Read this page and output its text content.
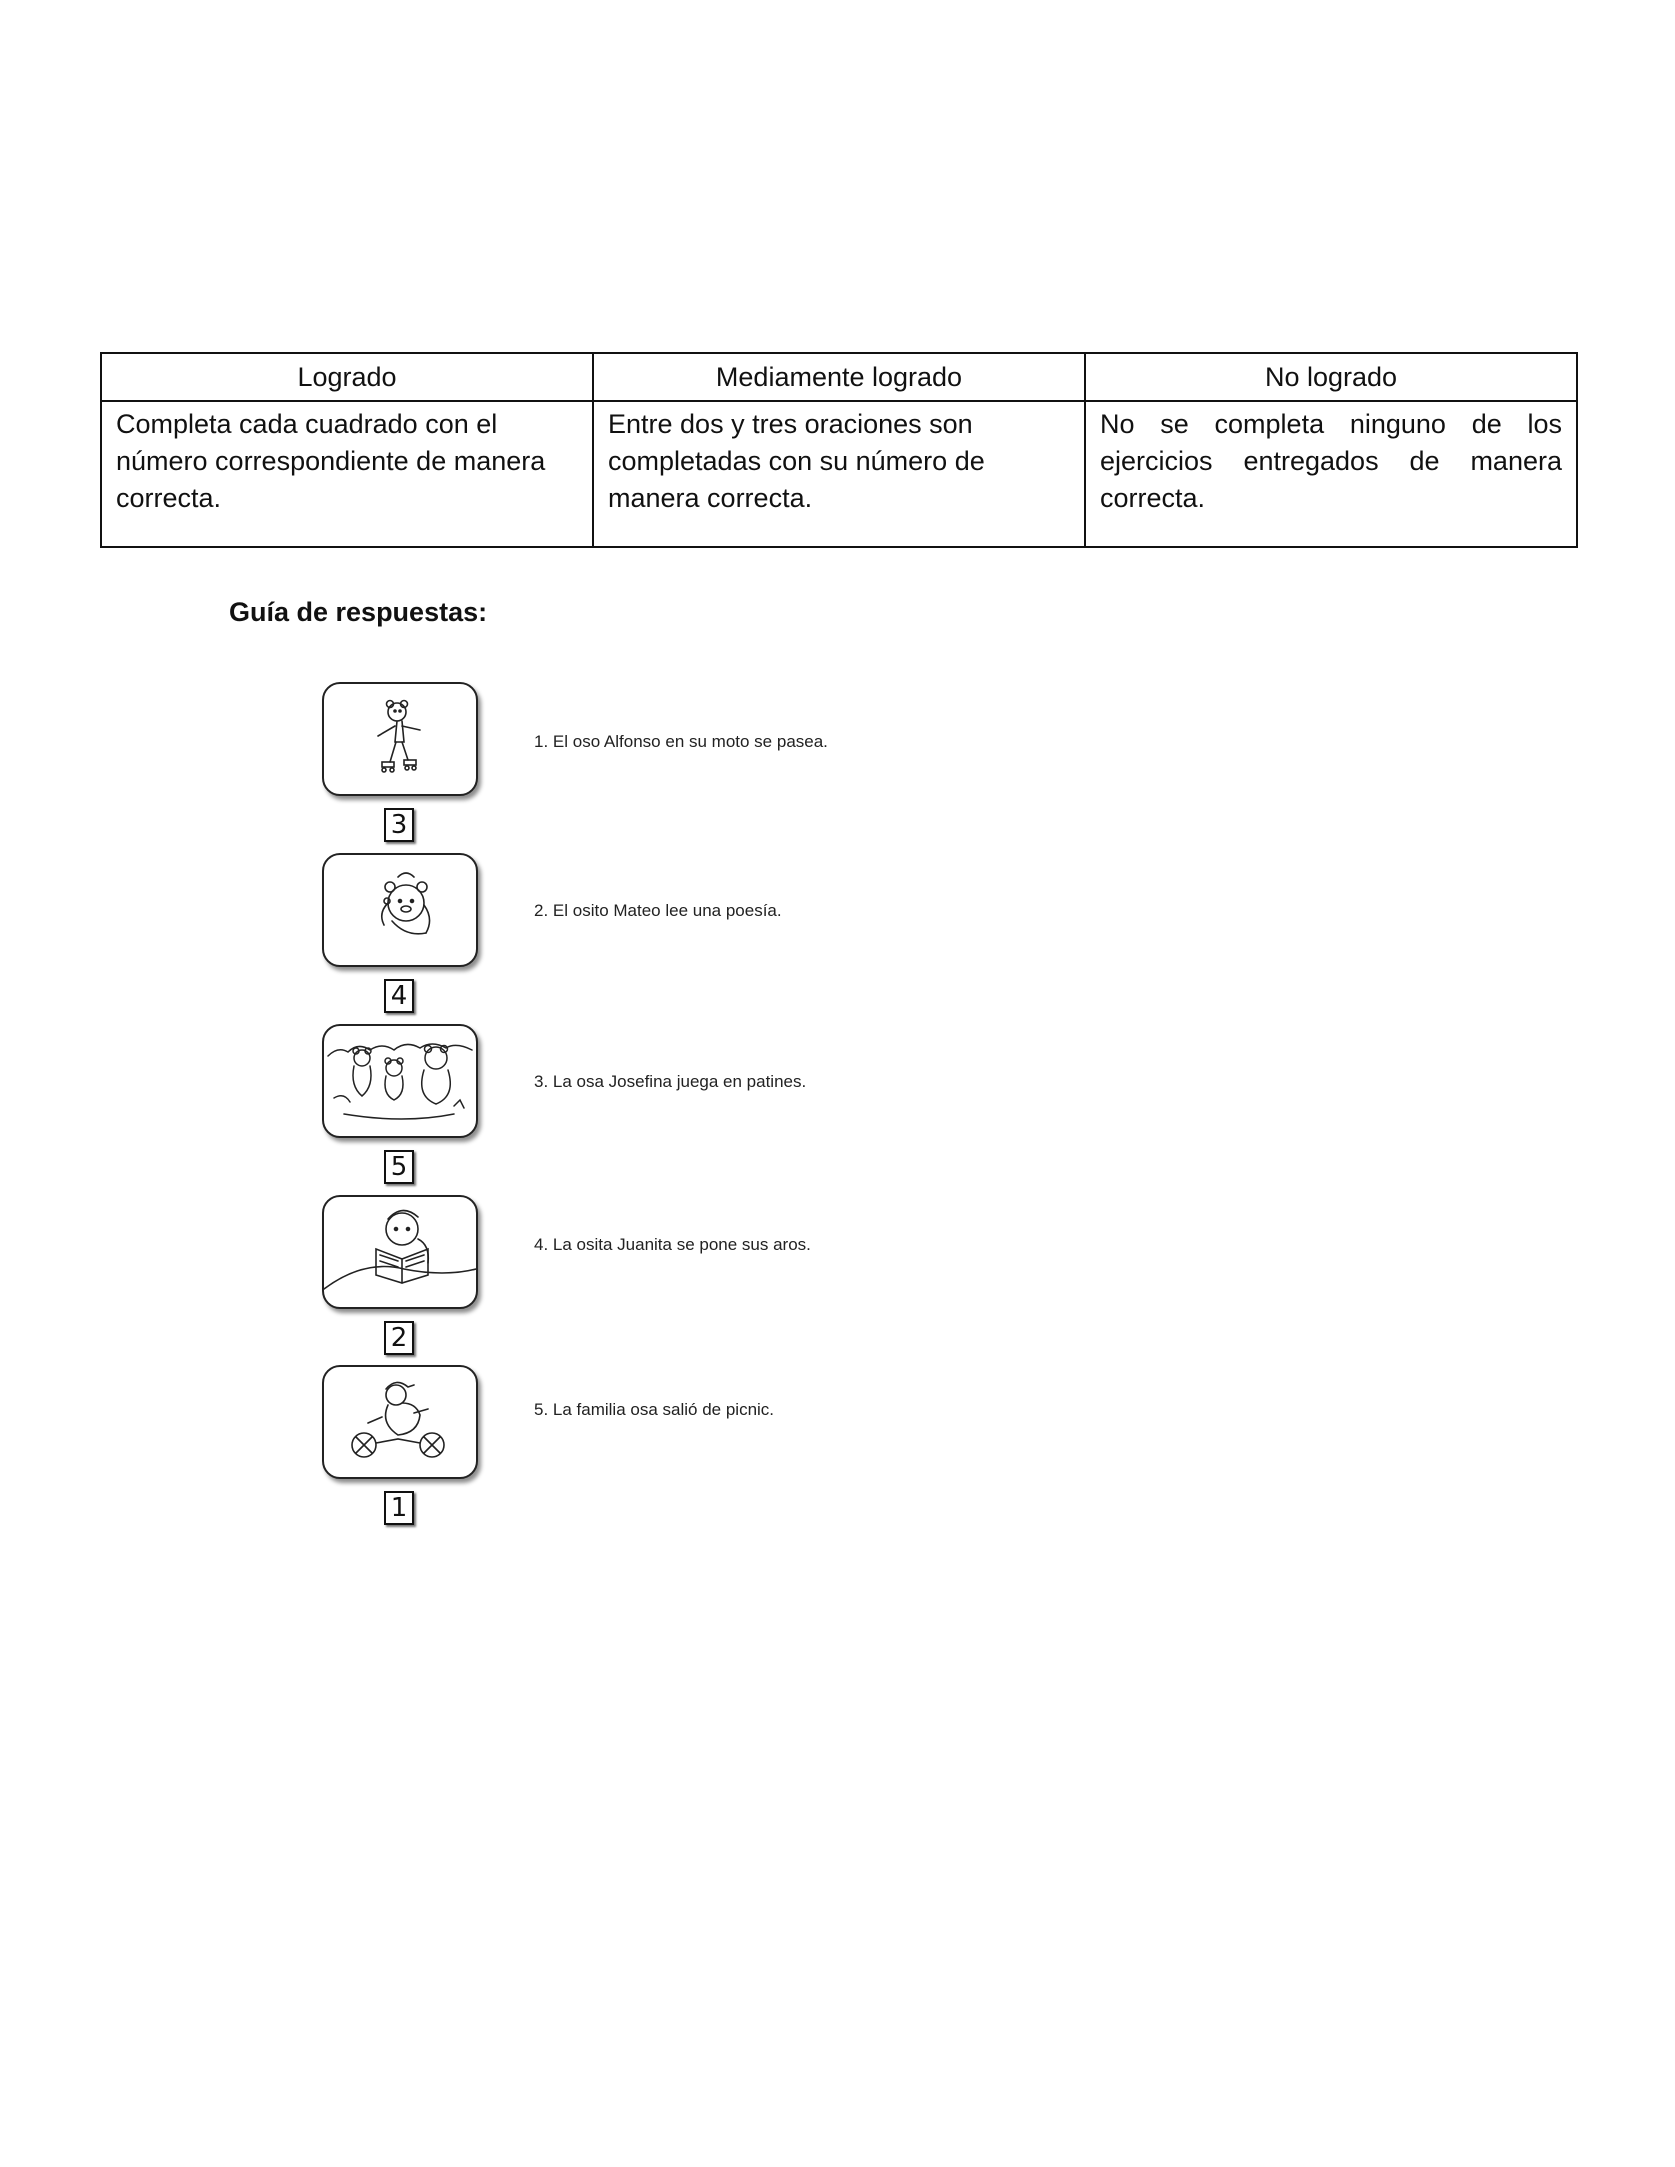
Logrado	Mediamente logrado	No logrado
Completa cada cuadrado con el número correspondiente de manera correcta.	Entre dos y tres oraciones son completadas con su número de manera correcta.	No se completa ninguno de los ejercicios entregados de manera correcta.
Guía de respuestas:
3
1. El oso Alfonso en su moto se pasea.
4
2. El osito Mateo lee una poesía.
5
3. La osa Josefina juega en patines.
2
4. La osita Juanita se pone sus aros.
1
5. La familia osa salió de picnic.
